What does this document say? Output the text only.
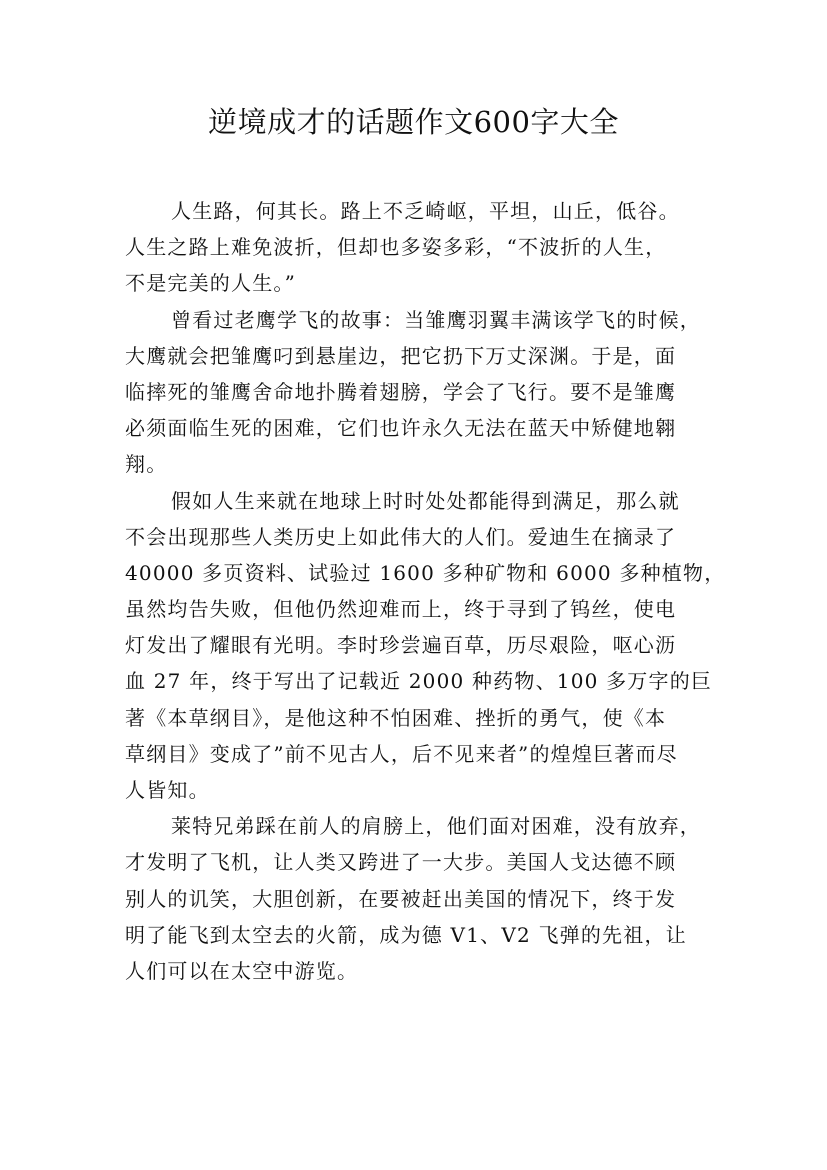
逆境成才的话题作文600字大全
人生路，何其长。路上不乏崎岖，平坦，山丘，低谷。
人生之路上难免波折，但却也多姿多彩，“不波折的人生，
不是完美的人生。”
曾看过老鹰学飞的故事：当雏鹰羽翼丰满该学飞的时候，
大鹰就会把雏鹰叼到悬崖边，把它扔下万丈深渊。于是，面
临摔死的雏鹰舍命地扑腾着翅膀，学会了飞行。要不是雏鹰
必须面临生死的困难，它们也许永久无法在蓝天中矫健地翱
翔。
假如人生来就在地球上时时处处都能得到满足，那么就
不会出现那些人类历史上如此伟大的人们。爱迪生在摘录了
40000 多页资料、试验过 1600 多种矿物和 6000 多种植物，
虽然均告失败，但他仍然迎难而上，终于寻到了钨丝，使电
灯发出了耀眼有光明。李时珍尝遍百草，历尽艰险，呕心沥
血 27 年，终于写出了记载近 2000 种药物、100 多万字的巨
著《本草纲目》，是他这种不怕困难、挫折的勇气，使《本
草纲目》变成了”前不见古人，后不见来者”的煌煌巨著而尽
人皆知。
莱特兄弟踩在前人的肩膀上，他们面对困难，没有放弃，
才发明了飞机，让人类又跨进了一大步。美国人戈达德不顾
别人的讥笑，大胆创新，在要被赶出美国的情况下，终于发
明了能飞到太空去的火箭，成为德 V1、V2 飞弹的先祖，让
人们可以在太空中游览。
